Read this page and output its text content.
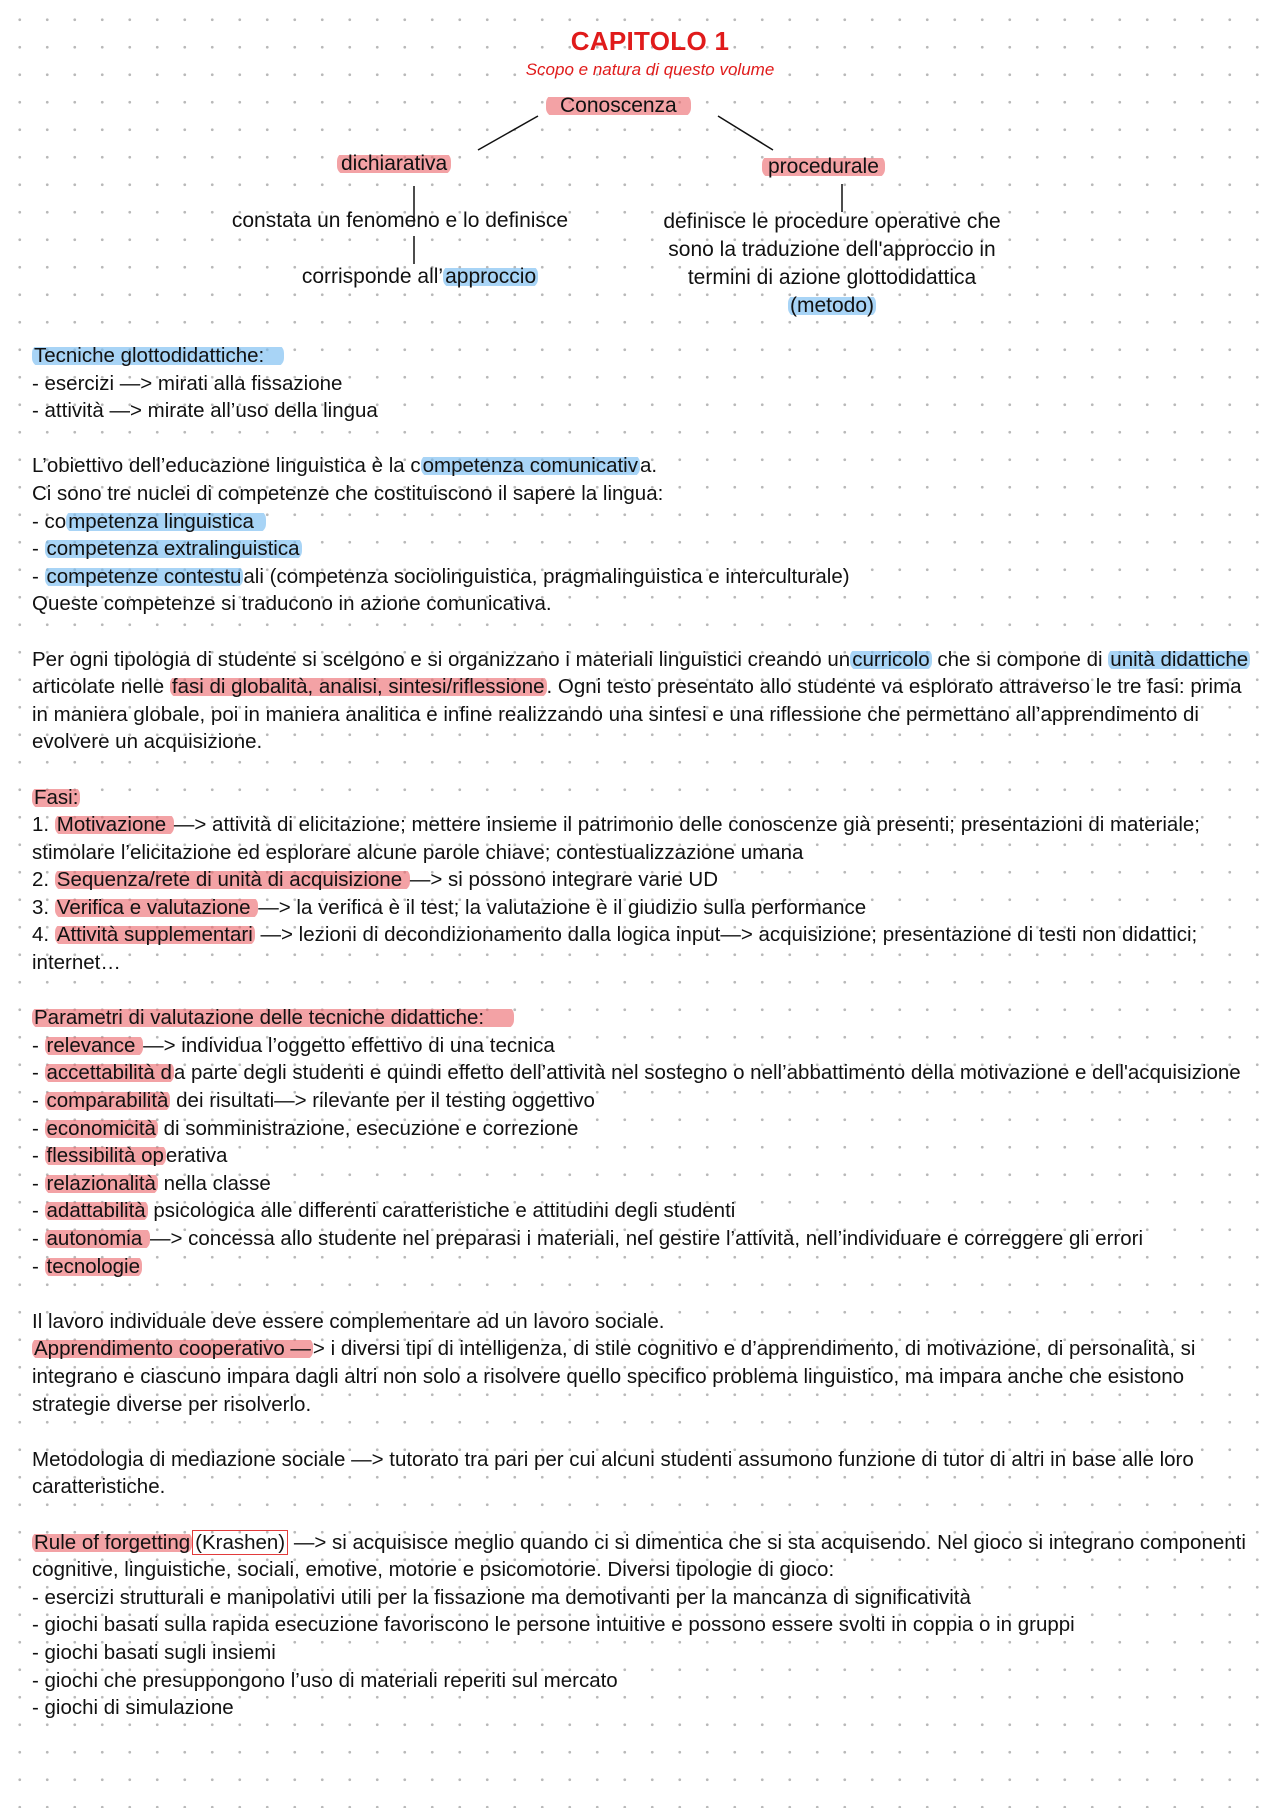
CAPITOLO 1
Scopo e natura di questo volume
Conoscenza
dichiarativa	procedurale
constata un fenomeno e lo definisce
corrisponde all’approccio
definisce le procedure operative che
sono la traduzione dell'approccio in
termini di azione glottodidattica
(metodo)

Tecniche glottodidattiche:

- esercizi —> mirati alla fissazione

- attività —> mirate all’uso della lingua

L’obiettivo dell’educazione linguistica è la competenza comunicativa.

Ci sono tre nuclei di competenze che costituiscono il sapere la lingua:

- competenza linguistica

- competenza extralinguistica

- competenze contestuali (competenza sociolinguistica, pragmalinguistica e interculturale)

Queste competenze si traducono in azione comunicativa.

Per ogni tipologia di studente si scelgono e si organizzano i materiali linguistici creando uncurricolo che si compone di unità didattiche articolate nelle fasi di globalità, analisi, sintesi/riflessione. Ogni testo presentato allo studente va esplorato attraverso le tre fasi: prima in maniera globale, poi in maniera analitica e infine realizzando una sintesi e una riflessione che permettano all’apprendimento di evolvere un acquisizione.

Fasi:

1. Motivazione —> attività di elicitazione; mettere insieme il patrimonio delle conoscenze già presenti; presentazioni di materiale; stimolare l’elicitazione ed esplorare alcune parole chiave; contestualizzazione umana

2. Sequenza/rete di unità di acquisizione —> si possono integrare varie UD

3. Verifica e valutazione —> la verifica è il test; la valutazione è il giudizio sulla performance

4. Attività supplementari —> lezioni di decondizionamento dalla logica input—> acquisizione; presentazione di testi non didattici; internet…

Parametri di valutazione delle tecniche didattiche:

- relevance —> individua l’oggetto effettivo di una tecnica

- accettabilità da parte degli studenti e quindi effetto dell’attività nel sostegno o nell’abbattimento della motivazione e dell'acquisizione

- comparabilità dei risultati—> rilevante per il testing oggettivo

- economicità di somministrazione, esecuzione e correzione

- flessibilità operativa

- relazionalità nella classe

- adattabilità psicologica alle differenti caratteristiche e attitudini degli studenti

- autonomia —> concessa allo studente nel preparasi i materiali, nel gestire l’attività, nell’individuare e correggere gli errori

- tecnologie

Il lavoro individuale deve essere complementare ad un lavoro sociale.

Apprendimento cooperativo —> i diversi tipi di intelligenza, di stile cognitivo e d’apprendimento, di motivazione, di personalità, si integrano e ciascuno impara dagli altri non solo a risolvere quello specifico problema linguistico, ma impara anche che esistono strategie diverse per risolverlo.

Metodologia di mediazione sociale —> tutorato tra pari per cui alcuni studenti assumono funzione di tutor di altri in base alle loro caratteristiche.

Rule of forgetting (Krashen) —> si acquisisce meglio quando ci si dimentica che si sta acquisendo. Nel gioco si integrano componenti cognitive, linguistiche, sociali, emotive, motorie e psicomotorie. Diversi tipologie di gioco:

- esercizi strutturali e manipolativi utili per la fissazione ma demotivanti per la mancanza di significatività

- giochi basati sulla rapida esecuzione favoriscono le persone intuitive e possono essere svolti in coppia o in gruppi

- giochi basati sugli insiemi

- giochi che presuppongono l’uso di materiali reperiti sul mercato

- giochi di simulazione
